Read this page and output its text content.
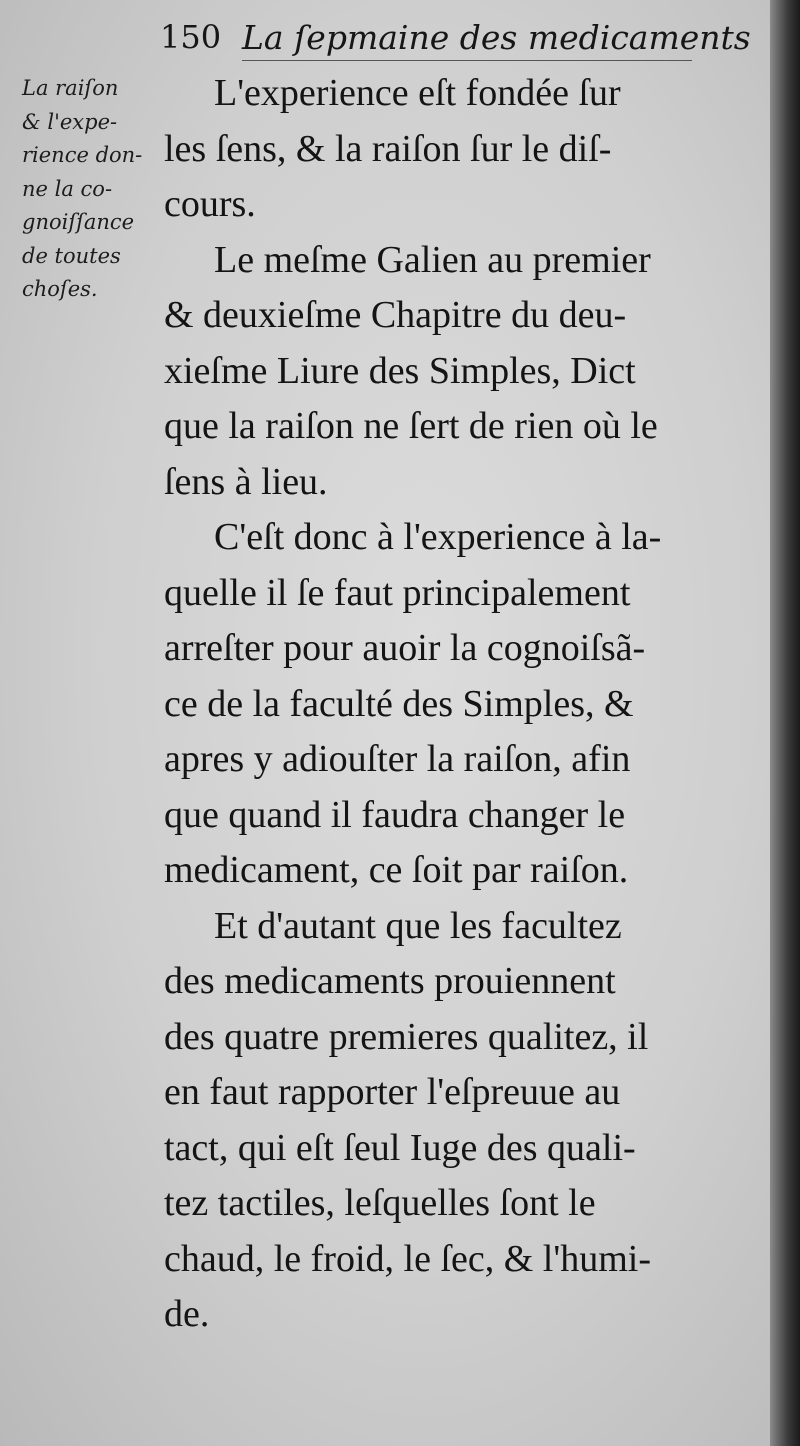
150 La ſepmaine des medicaments
La raiſon
& l'expe-
rience don-
ne la co-
gnoiſſance
de toutes
choſes.
L'experience eſt fondée ſur
les ſens, & la raiſon ſur le diſ-
cours.
Le meſme Galien au premier
& deuxieſme Chapitre du deu-
xieſme Liure des Simples, Dict
que la raiſon ne ſert de rien où le
ſens à lieu.
C'eſt donc à l'experience à la-
quelle il ſe faut principalement
arreſter pour auoir la cognoiſsã-
ce de la faculté des Simples, &
apres y adiouſter la raiſon, afin
que quand il faudra changer le
medicament, ce ſoit par raiſon.
Et d'autant que les facultez
des medicaments prouiennent
des quatre premieres qualitez, il
en faut rapporter l'eſpreuue au
tact, qui eſt ſeul Iuge des quali-
tez tactiles, leſquelles ſont le
chaud, le froid, le ſec, & l'humi-
de.
